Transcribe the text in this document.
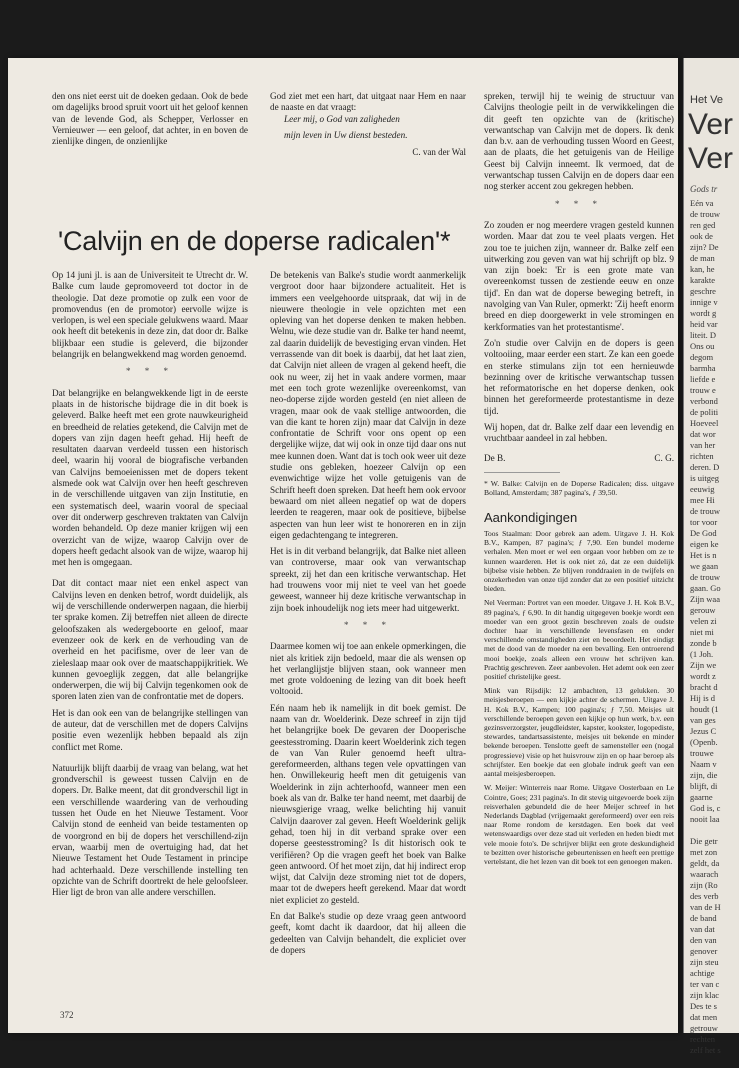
den ons niet eerst uit de doeken gedaan. Ook de bede om dagelijks brood spruit voort uit het geloof kennen van de levende God, als Schepper, Verlosser en Vernieuwer — een geloof, dat achter, in en boven de zienlijke dingen, de onzienlijke

God ziet met een hart, dat uitgaat naar Hem en naar de naaste en dat vraagt:

Leer mij, o God van zaligheden

mijn leven in Uw dienst besteden.

C. van der Wal
'Calvijn en de doperse radicalen'*

Op 14 juni jl. is aan de Universiteit te Utrecht dr. W. Balke cum laude gepromoveerd tot doctor in de theologie. Dat deze promotie op zulk een voor de promovendus (en de promotor) eervolle wijze is verlopen, is wel een speciale gelukwens waard. Maar ook heeft dit betekenis in deze zin, dat door dr. Balke blijkbaar een studie is geleverd, die bijzonder belangrijk en belangwekkend mag worden genoemd.

* * *

Dat belangrijke en belangwekkende ligt in de eerste plaats in de historische bijdrage die in dit boek is geleverd. Balke heeft met een grote nauwkeurigheid en breedheid de relaties getekend, die Calvijn met de dopers van zijn dagen heeft gehad. Hij heeft de resultaten daarvan verdeeld tussen een historisch deel, waarin hij vooral de biografische verbanden van Calvijns bemoeienissen met de dopers tekent alsmede ook wat Calvijn over hen heeft geschreven in de verschillende uitgaven van zijn Institutie, en een systematisch deel, waarin vooral de speciaal over dit onderwerp geschreven traktaten van Calvijn worden behandeld. Op deze manier krijgen wij een overzicht van de wijze, waarop Calvijn over de dopers heeft gedacht alsook van de wijze, waarop hij met hen is omgegaan.

Dat dit contact maar niet een enkel aspect van Calvijns leven en denken betrof, wordt duidelijk, als wij de verschillende onderwerpen nagaan, die hierbij ter sprake komen. Zij betreffen niet alleen de directe geloofszaken als wedergeboorte en geloof, maar evenzeer ook de kerk en de verhouding van de overheid en het pacifisme, over de leer van de zieleslaap maar ook over de maatschappijkritiek. We kunnen gevoeglijk zeggen, dat alle belangrijke onderwerpen, die wij bij Calvijn tegenkomen ook de sporen laten zien van de confrontatie met de dopers.

Het is dan ook een van de belangrijke stellingen van de auteur, dat de verschillen met de dopers Calvijns positie even wezenlijk hebben bepaald als zijn conflict met Rome.

Natuurlijk blijft daarbij de vraag van belang, wat het grondverschil is geweest tussen Calvijn en de dopers. Dr. Balke meent, dat dit grondverschil ligt in een verschillende waardering van de verhouding tussen het Oude en het Nieuwe Testament. Voor Calvijn stond de eenheid van beide testamenten op de voorgrond en bij de dopers het verschillend-zijn ervan, waarbij men de overtuiging had, dat het Nieuwe Testament het Oude Testament in principe had achterhaald. Deze verschillende instelling ten opzichte van de Schrift doortrekt de hele geloofsleer. Hier ligt de bron van alle andere verschillen.

De betekenis van Balke's studie wordt aanmerkelijk vergroot door haar bijzondere actualiteit. Het is immers een veelgehoorde uitspraak, dat wij in de nieuwere theologie in vele opzichten met een opleving van het doperse denken te maken hebben. Welnu, wie deze studie van dr. Balke ter hand neemt, zal daarin duidelijk de bevestiging ervan vinden. Het verrassende van dit boek is daarbij, dat het laat zien, dat Calvijn niet alleen de vragen al gekend heeft, die ook nu weer, zij het in vaak andere vormen, maar met een toch grote wezenlijke overeenkomst, van neo-doperse zijde worden gesteld (en niet alleen de vragen, maar ook de vaak stellige antwoorden, die van die kant te horen zijn) maar dat Calvijn in deze confrontatie de Schrift voor ons opent op een dergelijke wijze, dat wij ook in onze tijd daar ons nut mee kunnen doen. Want dat is toch ook weer uit deze studie ons gebleken, hoezeer Calvijn op een evenwichtige wijze het volle getuigenis van de Schrift heeft doen spreken. Dat heeft hem ook ervoor bewaard om niet alleen negatief op wat de dopers leerden te reageren, maar ook de positieve, bijbelse aspecten van hun leer wist te honoreren en in zijn eigen gedachtengang te integreren.

Het is in dit verband belangrijk, dat Balke niet alleen van controverse, maar ook van verwantschap spreekt, zij het dan een kritische verwantschap. Het had trouwens voor mij niet te veel van het goede geweest, wanneer hij deze kritische verwantschap in zijn boek inhoudelijk nog iets meer had uitgewerkt.

* * *

Daarmee komen wij toe aan enkele opmerkingen, die niet als kritiek zijn bedoeld, maar die als wensen op het verlanglijstje blijven staan, ook wanneer men met grote voldoening de lezing van dit boek heeft voltooid.

Eén naam heb ik namelijk in dit boek gemist. De naam van dr. Woelderink. Deze schreef in zijn tijd het belangrijke boek De gevaren der Dooperische geestesstroming. Daarin keert Woelderink zich tegen de van Van Ruler genoemd heeft ultra-gereformeerden, althans tegen vele opvattingen van hen. Onwillekeurig heeft men dit getuigenis van Woelderink in zijn achterhoofd, wanneer men een boek als van dr. Balke ter hand neemt, met daarbij de nieuwsgierige vraag, welke belichting hij vanuit Calvijn daarover zal geven. Heeft Woelderink gelijk gehad, toen hij in dit verband sprake over een doperse geestesstroming? Is dit historisch ook te verifiëren? Op die vragen geeft het boek van Balke geen antwoord. Of het moet zijn, dat hij indirect erop wijst, dat Calvijn deze stroming niet tot de dopers, maar tot de dwepers heeft gerekend. Maar dat wordt niet expliciet zo gesteld.

En dat Balke's studie op deze vraag geen antwoord geeft, komt dacht ik daardoor, dat hij alleen die gedeelten van Calvijn behandelt, die expliciet over de dopers

spreken, terwijl hij te weinig de structuur van Calvijns theologie peilt in de verwikkelingen die dit geeft ten opzichte van de (kritische) verwantschap van Calvijn met de dopers. Ik denk dan b.v. aan de verhouding tussen Woord en Geest, aan de plaats, die het getuigenis van de Heilige Geest bij Calvijn inneemt. Ik vermoed, dat de verwantschap tussen Calvijn en de dopers daar een nog sterker accent zou gekregen hebben.

* * *

Zo zouden er nog meerdere vragen gesteld kunnen worden. Maar dat zou te veel plaats vergen. Het zou toe te juichen zijn, wanneer dr. Balke zelf een uitwerking zou geven van wat hij schrijft op blz. 9 van zijn boek: 'Er is een grote mate van overeenkomst tussen de zestiende eeuw en onze tijd'. En dan wat de doperse beweging betreft, in navolging van Van Ruler, opmerkt: 'Zij heeft enorm breed en diep doorgewerkt in vele stromingen en kerkformaties van het protestantisme'.

Zo'n studie over Calvijn en de dopers is geen voltooiing, maar eerder een start. Ze kan een goede en sterke stimulans zijn tot een hernieuwde bezinning over de kritische verwantschap tussen het reformatorische en het doperse denken, ook binnen het gereformeerde protestantisme in deze tijd.

Wij hopen, dat dr. Balke zelf daar een levendig en vruchtbaar aandeel in zal hebben.

De B.	C. G.

* W. Balke: Calvijn en de Doperse Radicalen; diss. uitgave Bolland, Amsterdam; 387 pagina's, ƒ 39,50.

Aankondigingen

Toos Staalman: Door gebrek aan adem. Uitgave J. H. Kok B.V., Kampen, 87 pagina's; ƒ 7,90. Een bundel moderne verhalen. Men moet er wel een orgaan voor hebben om ze te kunnen waarderen. Het is ook niet zó, dat ze een duidelijk bijbelse visie hebben. Ze blijven ronddraaien in de twijfels en onzekerheden van onze tijd zonder dat ze een positief uitzicht bieden.

Nel Veerman: Portret van een moeder. Uitgave J. H. Kok B.V., 89 pagina's, ƒ 6,90. In dit handig uitgegeven boekje wordt een moeder van een groot gezin beschreven zoals de oudste dochter haar in verschillende levensfasen en onder verschillende omstandigheden ziet en beoordeelt. Het eindigt met de dood van de moeder na een bevalling. Een ontroerend mooi boekje, zoals alleen een vrouw het schrijven kan. Prachtig geschreven. Zeer aanbevolen. Het ademt ook een zeer positief christelijke geest.

Mink van Rijsdijk: 12 ambachten, 13 gelukken. 30 meisjesberoepen — een kijkje achter de schermen. Uitgave J. H. Kok B.V., Kampen; 100 pagina's; ƒ 7,50. Meisjes uit verschillende beroepen geven een kijkje op hun werk, b.v. een gezinsverzorgster, jeugdleidster, kapster, kookster, logopediste, stewardes, tandartsassistente, meisjes uit bekende en minder bekende beroepen. Tenslotte geeft de samensteller een (nogal progressieve) visie op het huisvrouw zijn en op haar beroep als schrijfster. Een boekje dat een globale indruk geeft van een aantal meisjesberoepen.

W. Meijer: Winterreis naar Rome. Uitgave Oosterbaan en Le Cointre, Goes; 231 pagina's. In dit stevig uitgevoerde boek zijn reisverhalen gebundeld die de heer Meijer schreef in het Nederlands Dagblad (vrijgemaakt gereformeerd) over een reis naar Rome rondom de kerstdagen. Een boek dat veel wetenswaardigs over deze stad uit verleden en heden biedt met vele mooie foto's. De schrijver blijkt een grote deskundigheid te bezitten over historische gebeurtenissen en heeft een prettige vertelstant, die het lezen van dit boek tot een genoegen maken.

372
Het Ve
Ver
Ver
Gods tr
Eén va
de trouw
ren ged
ook de
zijn? De
de man
kan, he
karakte
geschre
innige v
wordt g
heid var
liteit. D
Ons ou
degom
barmha
liefde e
trouw e
verbond
de politi
Hoeveel
dat wor
van her
richten
deren. D
is uitgeg
eeuwig
mee Hi
de trouw
tor voor
De God
eigen ke
Het is n
we gaan
de trouw
gaan. Go
Zijn waa
gerouw
velen zi
niet mi
zonde b
(1 Joh.
Zijn we
wordt z
bracht d
Hij is d
houdt (1
van ges
Jezus C
(Openb.
trouwe
Naam v
zijn, die
blijft, di
gaarne
God is, c
nooit laa

Die getr
met zon
geldt, da
waarach
zijn (Ro
des verb
van de H
de band
van dat
den van
genover
zijn steu
achtige
ter van c
zijn klac
Des te s
dat men
getrouw
rechten
zelf het s
